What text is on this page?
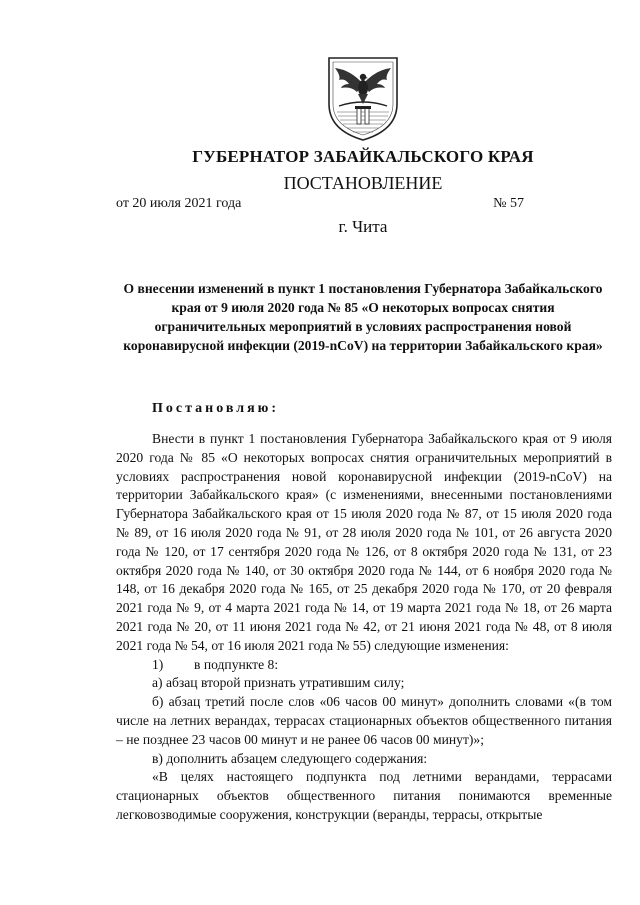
ГУБЕРНАТОР ЗАБАЙКАЛЬСКОГО КРАЯ
ПОСТАНОВЛЕНИЕ
от 20 июля 2021 года	№ 57
г. Чита
О внесении изменений в пункт 1 постановления Губернатора Забайкальского края от 9 июля 2020 года № 85 «О некоторых вопросах снятия ограничительных мероприятий в условиях распространения новой коронавирусной инфекции (2019-nCoV) на территории Забайкальского края»
Постановляю:

Внести в пункт 1 постановления Губернатора Забайкальского края от 9 июля 2020 года № 85 «О некоторых вопросах снятия ограничительных мероприятий в условиях распространения новой коронавирусной инфекции (2019-nCoV) на территории Забайкальского края» (с изменениями, внесенными постановлениями Губернатора Забайкальского края от 15 июля 2020 года № 87, от 15 июля 2020 года № 89, от 16 июля 2020 года № 91, от 28 июля 2020 года № 101, от 26 августа 2020 года № 120, от 17 сентября 2020 года № 126, от 8 октября 2020 года № 131, от 23 октября 2020 года № 140, от 30 октября 2020 года № 144, от 6 ноября 2020 года № 148, от 16 декабря 2020 года № 165, от 25 декабря 2020 года № 170, от 20 февраля 2021 года № 9, от 4 марта 2021 года № 14, от 19 марта 2021 года № 18, от 26 марта 2021 года № 20, от 11 июня 2021 года № 42, от 21 июня 2021 года № 48, от 8 июля 2021 года № 54, от 16 июля 2021 года № 55) следующие изменения:

1) в подпункте 8:

а) абзац второй признать утратившим силу;

б) абзац третий после слов «06 часов 00 минут» дополнить словами «(в том числе на летних верандах, террасах стационарных объектов общественного питания – не позднее 23 часов 00 минут и не ранее 06 часов 00 минут)»;

в) дополнить абзацем следующего содержания:

«В целях настоящего подпункта под летними верандами, террасами стационарных объектов общественного питания понимаются временные легковозводимые сооружения, конструкции (веранды, террасы, открытые
